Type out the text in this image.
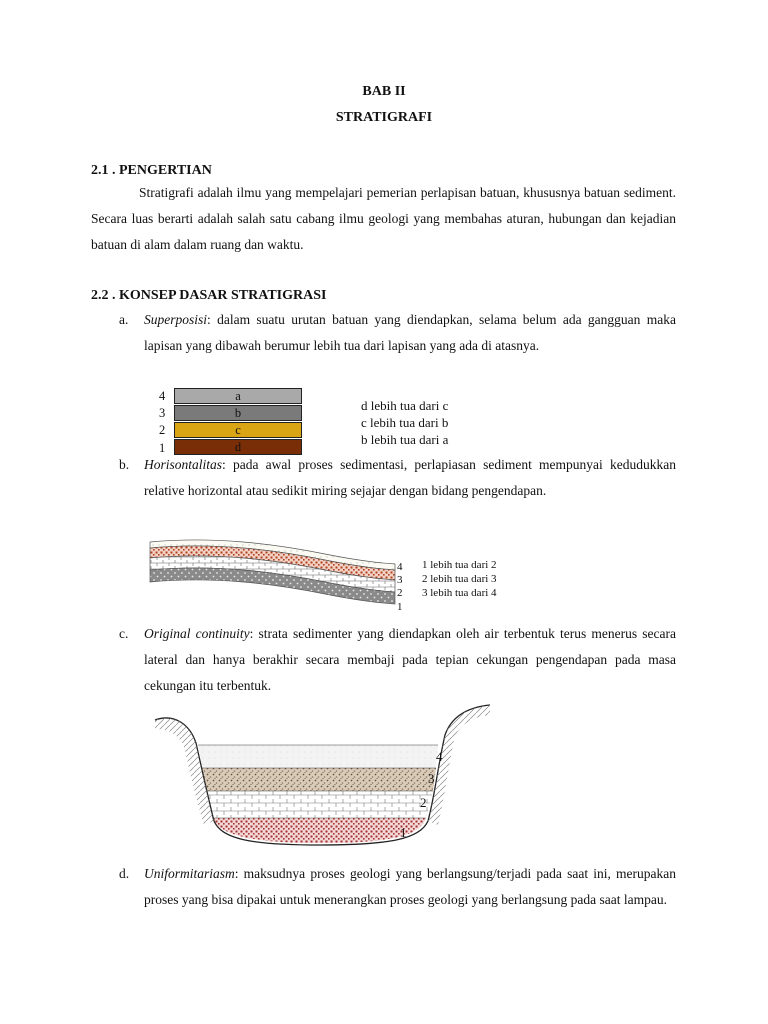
BAB II
STRATIGRAFI
2.1 . PENGERTIAN
Stratigrafi adalah ilmu yang mempelajari pemerian perlapisan batuan, khususnya batuan sediment. Secara luas berarti adalah salah satu cabang ilmu geologi yang membahas aturan, hubungan dan kejadian batuan di alam dalam ruang dan waktu.
2.2 . KONSEP DASAR STRATIGRASI
a. Superposisi: dalam suatu urutan batuan yang diendapkan, selama belum ada gangguan maka lapisan yang dibawah berumur lebih tua dari lapisan yang ada di atasnya.
4
3
2
1
a
b
c
d
d lebih tua dari c
c lebih tua dari b
b lebih tua dari a
b. Horisontalitas: pada awal proses sedimentasi, perlapiasan sediment mempunyai kedudukkan relative horizontal atau sedikit miring sejajar dengan bidang pengendapan.
4
3
2
1
1 lebih tua dari 2
2 lebih tua dari 3
3 lebih tua dari 4
c. Original continuity: strata sedimenter yang diendapkan oleh air terbentuk terus menerus secara lateral dan hanya berakhir secara membaji pada tepian cekungan pengendapan pada masa cekungan itu terbentuk.
4
3
2
1
d. Uniformitariasm: maksudnya proses geologi yang berlangsung/terjadi pada saat ini, merupakan proses yang bisa dipakai untuk menerangkan proses geologi yang berlangsung pada saat lampau.
